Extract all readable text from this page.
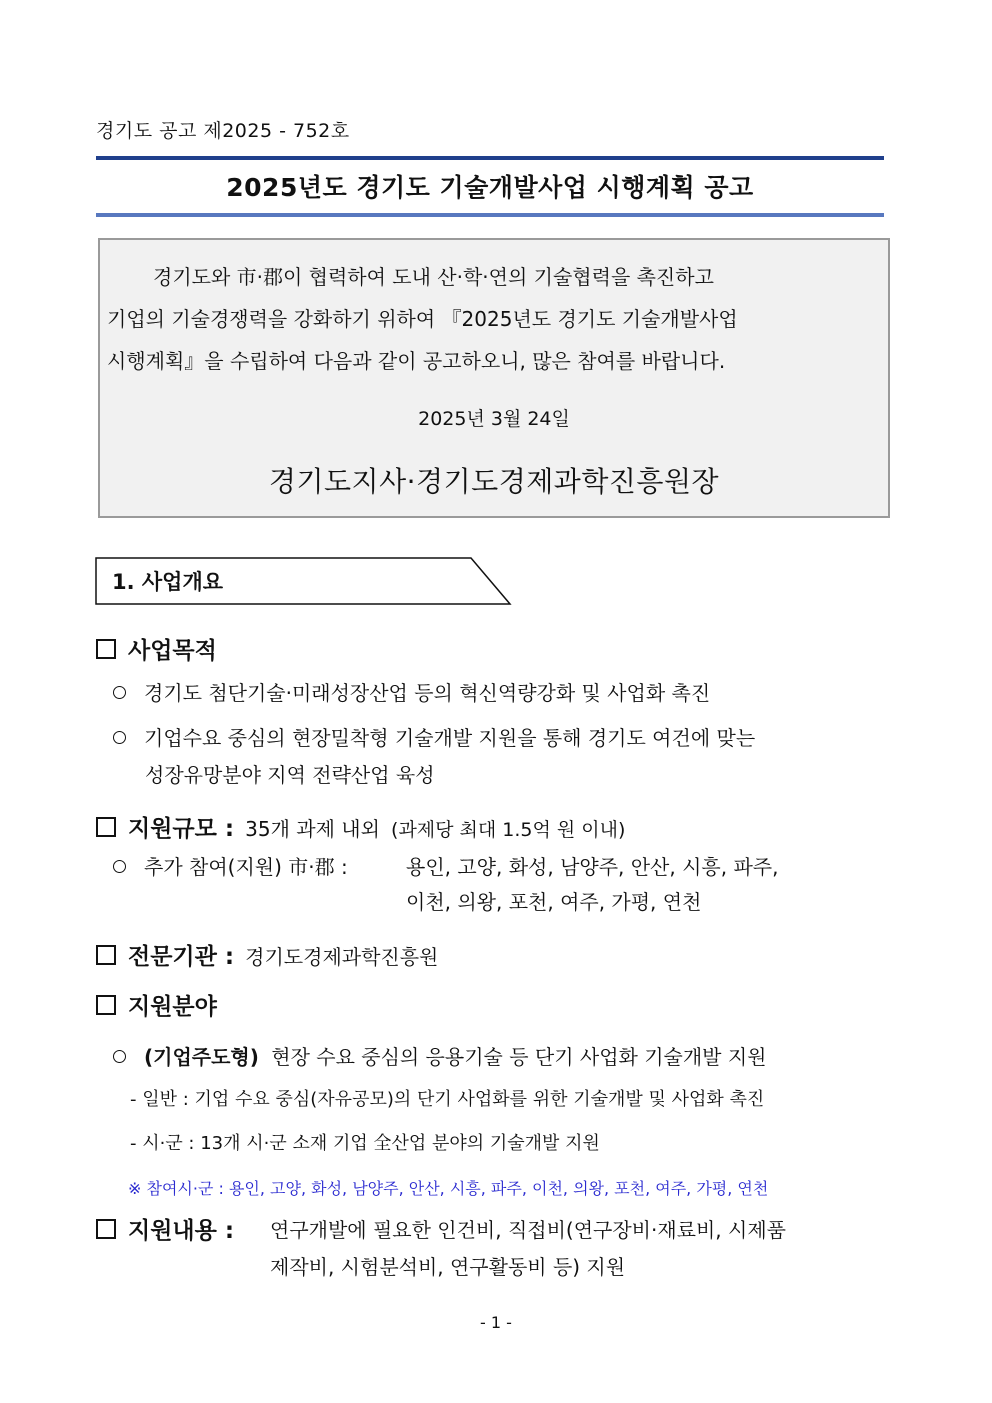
경기도 공고 제2025 - 752호
2025년도 경기도 기술개발사업 시행계획 공고
경기도와 市·郡이 협력하여 도내 산·학·연의 기술협력을 촉진하고
기업의 기술경쟁력을 강화하기 위하여 『2025년도 경기도 기술개발사업
시행계획』을 수립하여 다음과 같이 공고하오니, 많은 참여를 바랍니다.
2025년 3월 24일
경기도지사·경기도경제과학진흥원장
1. 사업개요
사업목적
경기도 첨단기술·미래성장산업 등의 혁신역량강화 및 사업화 촉진
기업수요 중심의 현장밀착형 기술개발 지원을 통해 경기도 여건에 맞는
성장유망분야 지역 전략산업 육성
지원규모 : 35개 과제 내외 (과제당 최대 1.5억 원 이내)
추가 참여(지원) 市·郡 :	용인, 고양, 화성, 남양주, 안산, 시흥, 파주,
이천, 의왕, 포천, 여주, 가평, 연천
전문기관 : 경기도경제과학진흥원
지원분야
(기업주도형) 현장 수요 중심의 응용기술 등 단기 사업화 기술개발 지원
- 일반 : 기업 수요 중심(자유공모)의 단기 사업화를 위한 기술개발 및 사업화 촉진
- 시·군 : 13개 시·군 소재 기업 全산업 분야의 기술개발 지원
※ 참여시·군 : 용인, 고양, 화성, 남양주, 안산, 시흥, 파주, 이천, 의왕, 포천, 여주, 가평, 연천
지원내용 : 연구개발에 필요한 인건비, 직접비(연구장비·재료비, 시제품
제작비, 시험분석비, 연구활동비 등) 지원
- 1 -
